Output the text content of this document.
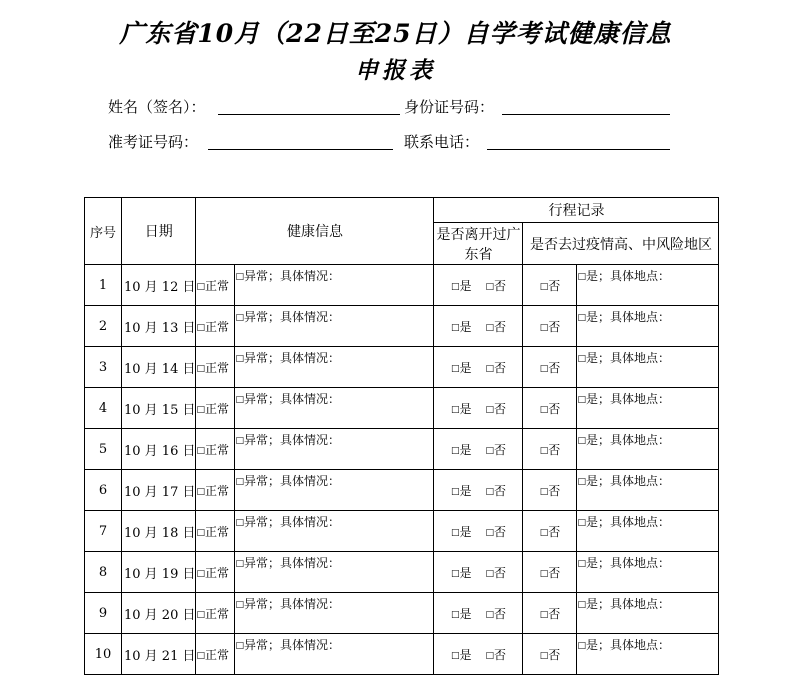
广东省10月（22日至25日）自学考试健康信息
申报表
姓名（签名）：	身份证号码：
准考证号码：	联系电话：
序号	日期	健康信息		行程记录		
				是否离开过广东省	是否去过疫情高、中风险地区	
1	10 月 12 日	□正常	□异常；具体情况：	□是 □否	□否	□是；具体地点：
2	10 月 13 日	□正常	□异常；具体情况：	□是 □否	□否	□是；具体地点：
3	10 月 14 日	□正常	□异常；具体情况：	□是 □否	□否	□是；具体地点：
4	10 月 15 日	□正常	□异常；具体情况：	□是 □否	□否	□是；具体地点：
5	10 月 16 日	□正常	□异常；具体情况：	□是 □否	□否	□是；具体地点：
6	10 月 17 日	□正常	□异常；具体情况：	□是 □否	□否	□是；具体地点：
7	10 月 18 日	□正常	□异常；具体情况：	□是 □否	□否	□是；具体地点：
8	10 月 19 日	□正常	□异常；具体情况：	□是 □否	□否	□是；具体地点：
9	10 月 20 日	□正常	□异常；具体情况：	□是 □否	□否	□是；具体地点：
10	10 月 21 日	□正常	□异常；具体情况：	□是 □否	□否	□是；具体地点：
